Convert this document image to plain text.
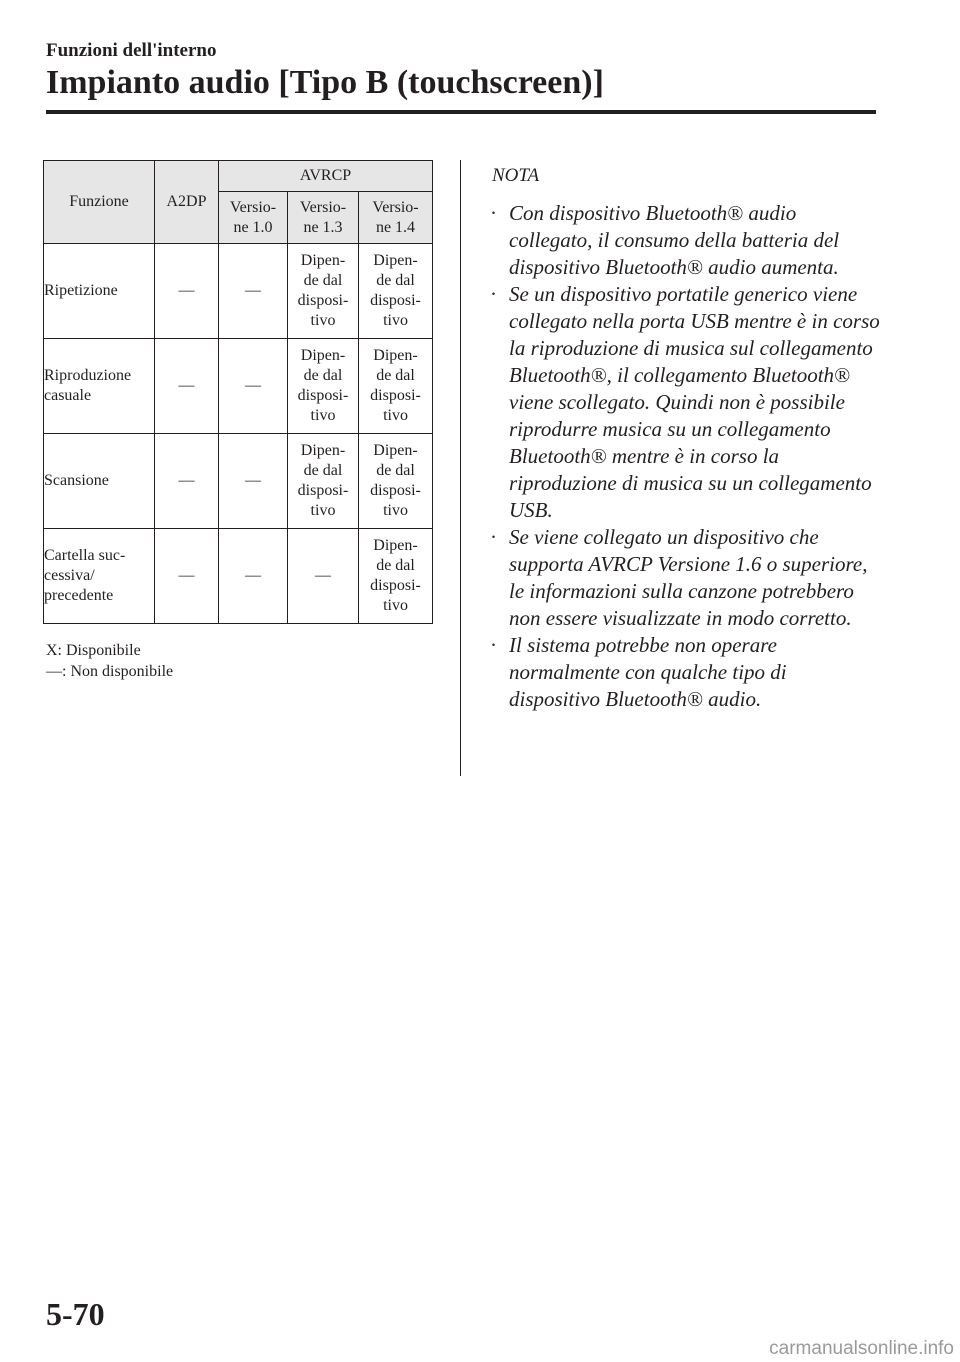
Funzioni dell'interno
Impianto audio [Tipo B (touchscreen)]
Funzione	A2DP	AVRCP		
		Versio-
ne 1.0	Versio-
ne 1.3	Versio-
ne 1.4
Ripetizione	—	—	Dipen-
de dal
disposi-
tivo	Dipen-
de dal
disposi-
tivo
Riproduzione
casuale	—	—	Dipen-
de dal
disposi-
tivo	Dipen-
de dal
disposi-
tivo
Scansione	—	—	Dipen-
de dal
disposi-
tivo	Dipen-
de dal
disposi-
tivo
Cartella suc-
cessiva/
precedente	—	—	—	Dipen-
de dal
disposi-
tivo
X: Disponibile
—: Non disponibile
NOTA
· Con dispositivo Bluetooth® audio collegato, il consumo della batteria del dispositivo Bluetooth® audio aumenta.
· Se un dispositivo portatile generico viene collegato nella porta USB mentre è in corso la riproduzione di musica sul collegamento Bluetooth®, il collegamento Bluetooth® viene scollegato. Quindi non è possibile riprodurre musica su un collegamento Bluetooth® mentre è in corso la riproduzione di musica su un collegamento USB.
· Se viene collegato un dispositivo che supporta AVRCP Versione 1.6 o superiore, le informazioni sulla canzone potrebbero non essere visualizzate in modo corretto.
· Il sistema potrebbe non operare normalmente con qualche tipo di dispositivo Bluetooth® audio.
5-70
carmanualsonline.info
